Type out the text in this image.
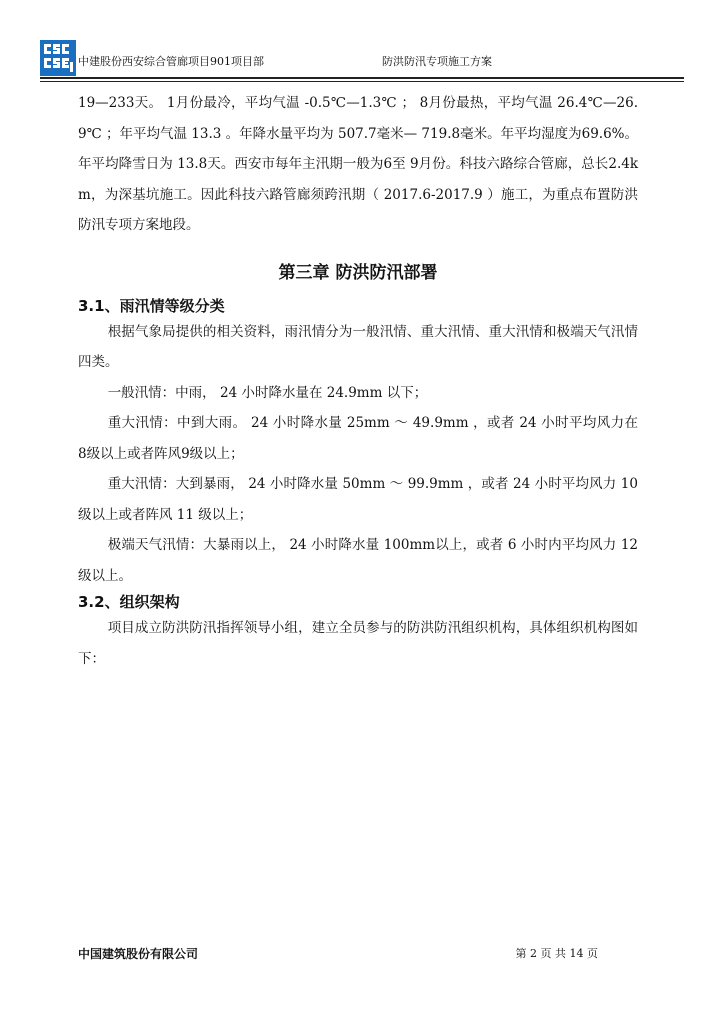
中建股份西安综合管廊项目901项目部	防洪防汛专项施工方案

19—233天。 1月份最冷，平均气温 -0.5℃—1.3℃ ； 8月份最热，平均气温 26.4℃—26.9℃ ；年平均气温 13.3 。年降水量平均为 507.7毫米— 719.8毫米。年平均湿度为69.6%。年平均降雪日为 13.8天。西安市每年主汛期一般为6至 9月份。科技六路综合管廊，总长2.4km，为深基坑施工。因此科技六路管廊须跨汛期（ 2017.6-2017.9 ）施工，为重点布置防洪防汛专项方案地段。

第三章 防洪防汛部署
3.1、雨汛情等级分类

根据气象局提供的相关资料，雨汛情分为一般汛情、重大汛情、重大汛情和极端天气汛情四类。

一般汛情：中雨， 24 小时降水量在 24.9mm 以下；

重大汛情：中到大雨。 24 小时降水量 25mm ～ 49.9mm ，或者 24 小时平均风力在 8级以上或者阵风9级以上；

重大汛情：大到暴雨， 24 小时降水量 50mm ～ 99.9mm ，或者 24 小时平均风力 10 级以上或者阵风 11 级以上；

极端天气汛情：大暴雨以上， 24 小时降水量 100mm以上，或者 6 小时内平均风力 12 级以上。

3.2、组织架构

项目成立防洪防汛指挥领导小组，建立全员参与的防洪防汛组织机构，具体组织机构图如下：

中国建筑股份有限公司	第 2 页 共 14 页
